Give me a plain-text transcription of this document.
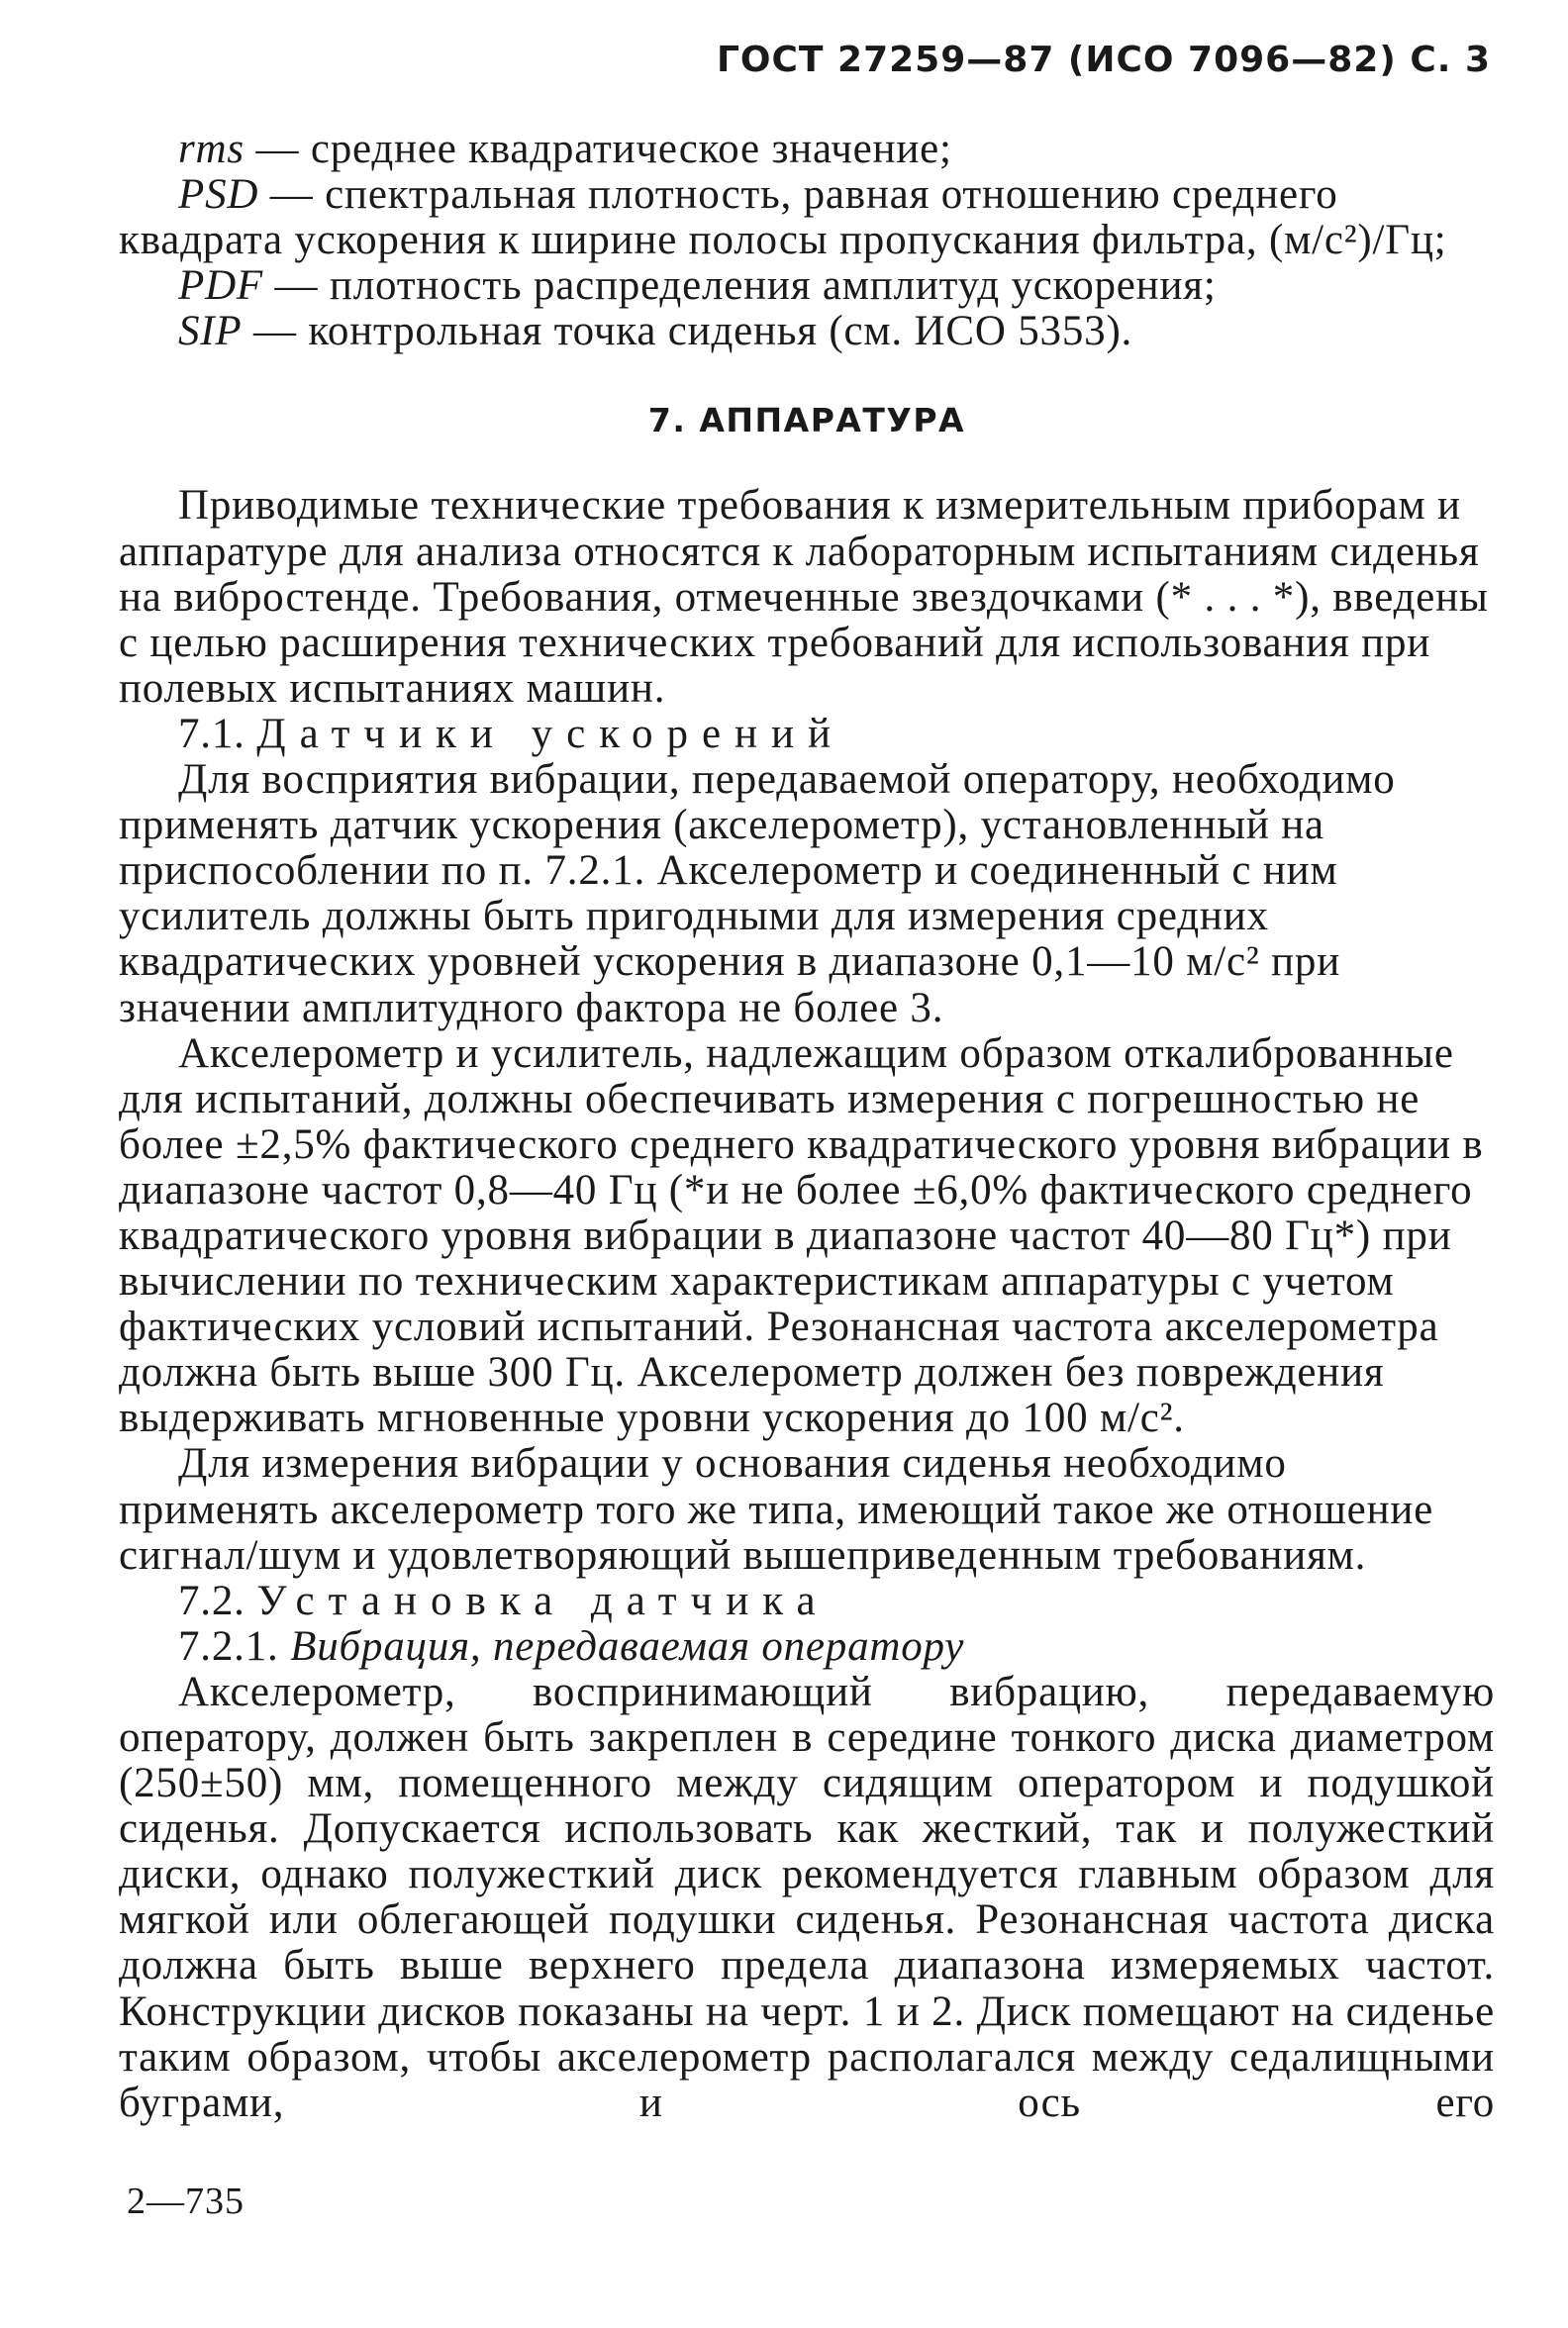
ГОСТ 27259—87 (ИСО 7096—82) С. 3

rms — среднее квадратическое значение;

PSD — спектральная плотность, равная отношению среднего квадрата ускорения к ширине полосы пропускания фильтра, (м/с²)/Гц;

PDF — плотность распределения амплитуд ускорения;

SIP — контрольная точка сиденья (см. ИСО 5353).

7. АППАРАТУРА

Приводимые технические требования к измерительным приборам и аппаратуре для анализа относятся к лабораторным испытаниям сиденья на вибростенде. Требования, отмеченные звездочками (* . . . *), введены с целью расширения технических требований для использования при полевых испытаниях машин.

7.1. Датчики ускорений

Для восприятия вибрации, передаваемой оператору, необходимо применять датчик ускорения (акселерометр), установленный на приспособлении по п. 7.2.1. Акселерометр и соединенный с ним усилитель должны быть пригодными для измерения средних квадратических уровней ускорения в диапазоне 0,1—10 м/с² при значении амплитудного фактора не более 3.

Акселерометр и усилитель, надлежащим образом откалиброванные для испытаний, должны обеспечивать измерения с погрешностью не более ±2,5% фактического среднего квадратического уровня вибрации в диапазоне частот 0,8—40 Гц (*и не более ±6,0% фактического среднего квадратического уровня вибрации в диапазоне частот 40—80 Гц*) при вычислении по техническим характеристикам аппаратуры с учетом фактических условий испытаний. Резонансная частота акселерометра должна быть выше 300 Гц. Акселерометр должен без повреждения выдерживать мгновенные уровни ускорения до 100 м/с².

Для измерения вибрации у основания сиденья необходимо применять акселерометр того же типа, имеющий такое же отношение сигнал/шум и удовлетворяющий вышеприведенным требованиям.

7.2. Установка датчика

7.2.1. Вибрация, передаваемая оператору

Акселерометр, воспринимающий вибрацию, передаваемую оператору, должен быть закреплен в середине тонкого диска диаметром (250±50) мм, помещенного между сидящим оператором и подушкой сиденья. Допускается использовать как жесткий, так и полужесткий диски, однако полужесткий диск рекомендуется главным образом для мягкой или облегающей подушки сиденья. Резонансная частота диска должна быть выше верхнего предела диапазона измеряемых частот. Конструкции дисков показаны на черт. 1 и 2. Диск помещают на сиденье таким образом, чтобы акселерометр располагался между седалищными буграми, и ось его

2—735
